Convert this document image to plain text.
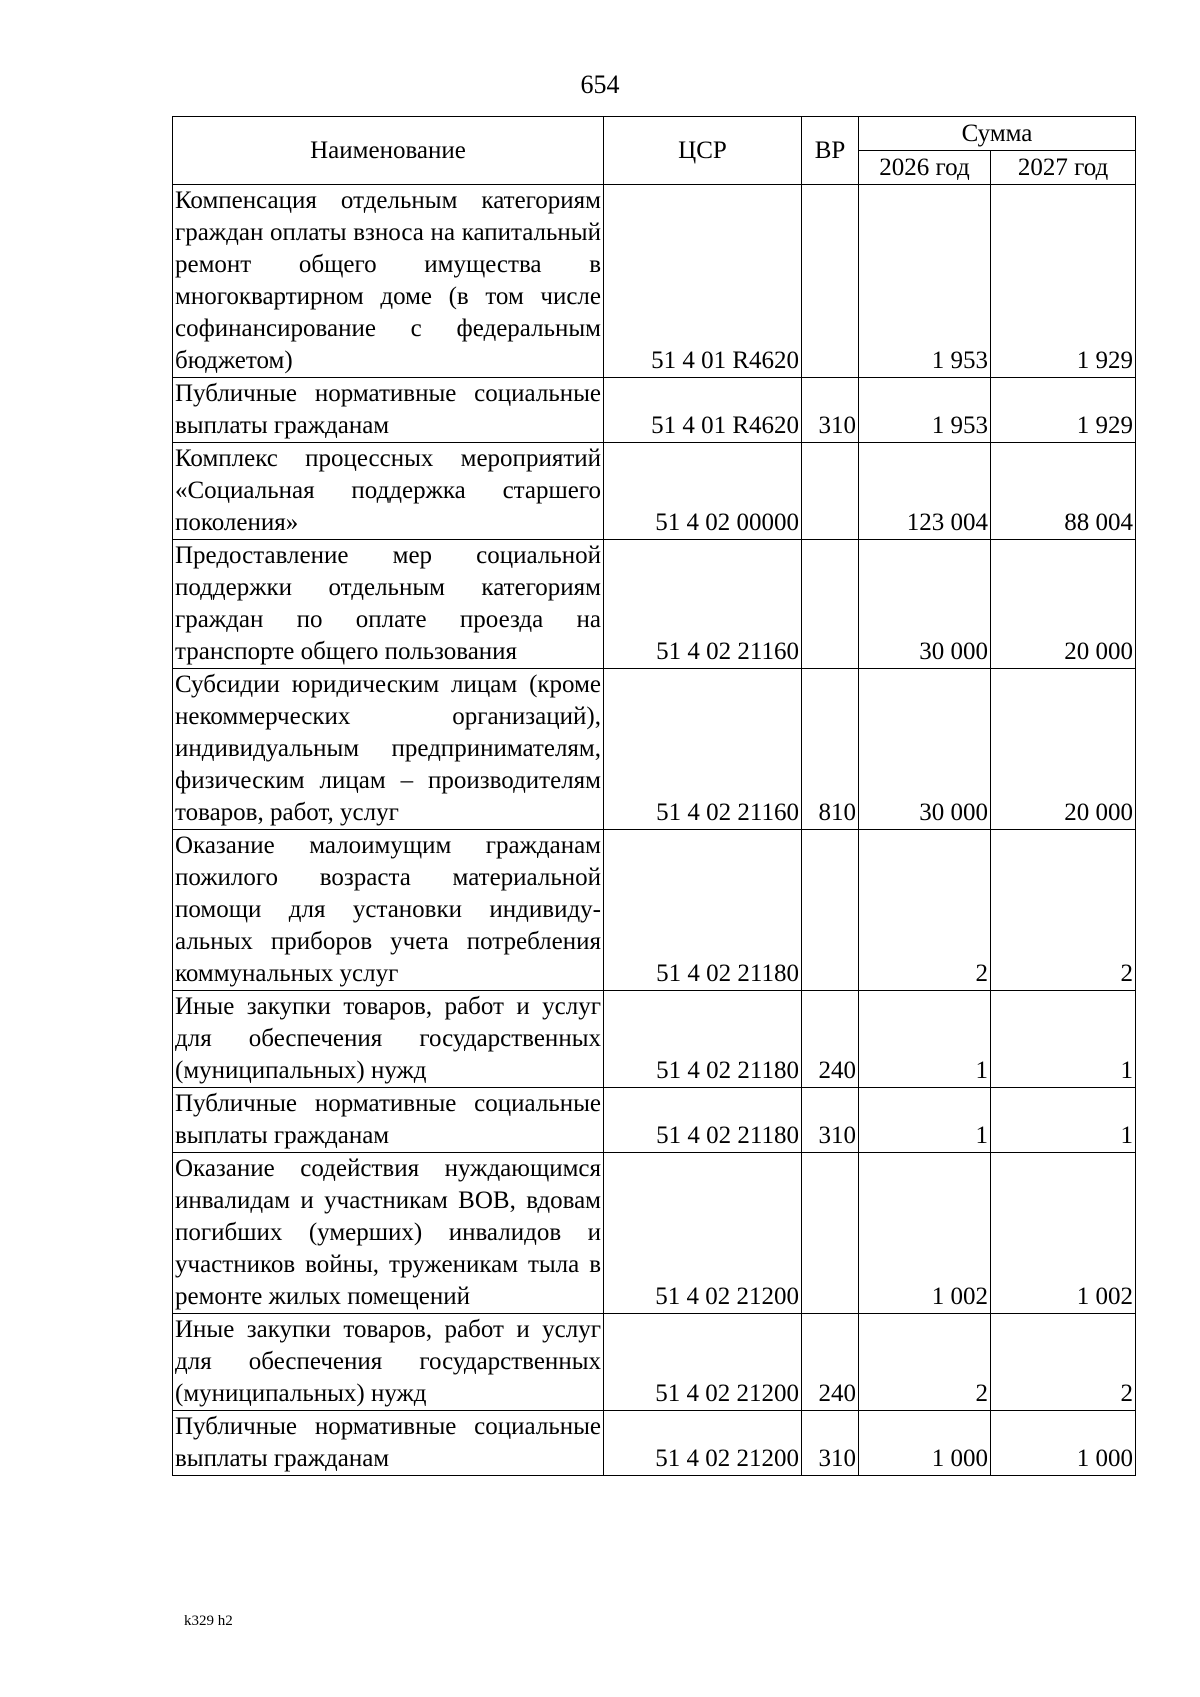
654
Наименование	ЦСР	ВР	Сумма	
			2026 год	2027 год
Компенсация отдельным категориям граждан оплаты взноса на капитальный ремонт общего имущества в многоквартирном доме (в том числе софинансирование с федеральным бюджетом)	51 4 01 R4620		1 953	1 929
Публичные нормативные социальные выплаты гражданам	51 4 01 R4620	310	1 953	1 929
Комплекс процессных мероприятий «Социальная поддержка старшего поколения»	51 4 02 00000		123 004	88 004
Предоставление мер социальной поддержки отдельным категориям граждан по оплате проезда на транспорте общего пользования	51 4 02 21160		30 000	20 000
Субсидии юридическим лицам (кроме некоммерческих организаций), индивидуальным предпринимателям, физическим лицам – производителям товаров, работ, услуг	51 4 02 21160	810	30 000	20 000
Оказание малоимущим гражданам пожилого возраста материальной помощи для установки индивидуальных приборов учета потребления коммунальных услуг	51 4 02 21180		2	2
Иные закупки товаров, работ и услуг для обеспечения государственных (муниципальных) нужд	51 4 02 21180	240	1	1
Публичные нормативные социальные выплаты гражданам	51 4 02 21180	310	1	1
Оказание содействия нуждающимся инвалидам и участникам ВОВ, вдовам погибших (умерших) инвалидов и участников войны, труженикам тыла в ремонте жилых помещений	51 4 02 21200		1 002	1 002
Иные закупки товаров, работ и услуг для обеспечения государственных (муниципальных) нужд	51 4 02 21200	240	2	2
Публичные нормативные социальные выплаты гражданам	51 4 02 21200	310	1 000	1 000
k329 h2
